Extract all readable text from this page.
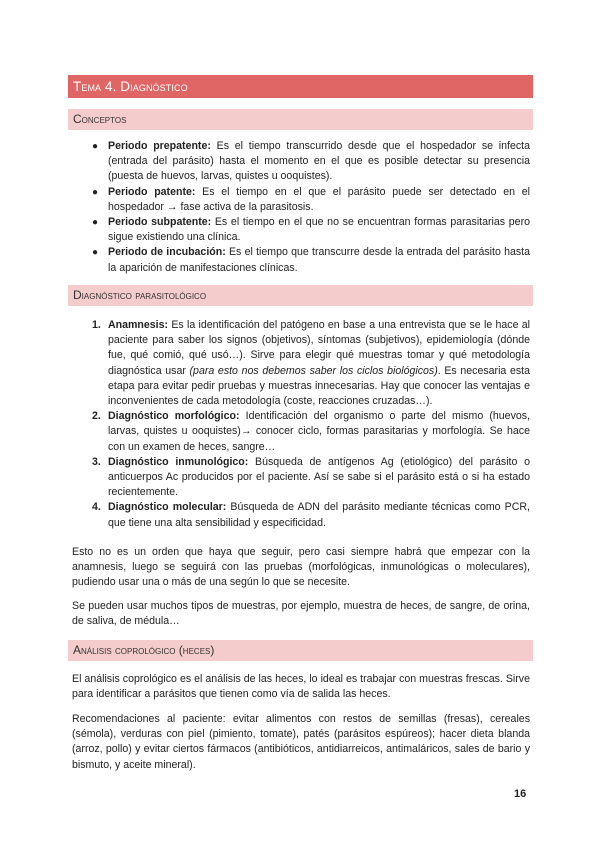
Tema 4. Diagnóstico
Conceptos
● Periodo prepatente: Es el tiempo transcurrido desde que el hospedador se infecta (entrada del parásito) hasta el momento en el que es posible detectar su presencia (puesta de huevos, larvas, quistes u ooquistes).
● Periodo patente: Es el tiempo en el que el parásito puede ser detectado en el hospedador → fase activa de la parasitosis.
● Periodo subpatente: Es el tiempo en el que no se encuentran formas parasitarias pero sigue existiendo una clínica.
● Periodo de incubación: Es el tiempo que transcurre desde la entrada del parásito hasta la aparición de manifestaciones clínicas.
Diagnóstico parasitológico
1. Anamnesis: Es la identificación del patógeno en base a una entrevista que se le hace al paciente para saber los signos (objetivos), síntomas (subjetivos), epidemiología (dónde fue, qué comió, qué usó…). Sirve para elegir qué muestras tomar y qué metodología diagnóstica usar (para esto nos debemos saber los ciclos biológicos). Es necesaria esta etapa para evitar pedir pruebas y muestras innecesarias. Hay que conocer las ventajas e inconvenientes de cada metodología (coste, reacciones cruzadas…).
2. Diagnóstico morfológico: Identificación del organismo o parte del mismo (huevos, larvas, quistes u ooquistes)→ conocer ciclo, formas parasitarias y morfología. Se hace con un examen de heces, sangre…
3. Diagnóstico inmunológico: Búsqueda de antígenos Ag (etiológico) del parásito o anticuerpos Ac producidos por el paciente. Así se sabe si el parásito está o si ha estado recientemente.
4. Diagnóstico molecular: Búsqueda de ADN del parásito mediante técnicas como PCR, que tiene una alta sensibilidad y especificidad.

Esto no es un orden que haya que seguir, pero casi siempre habrá que empezar con la anamnesis, luego se seguirá con las pruebas (morfológicas, inmunológicas o moleculares), pudiendo usar una o más de una según lo que se necesite.

Se pueden usar muchos tipos de muestras, por ejemplo, muestra de heces, de sangre, de orina, de saliva, de médula…

Análisis coprológico (heces)

El análisis coprológico es el análisis de las heces, lo ideal es trabajar con muestras frescas. Sirve para identificar a parásitos que tienen como vía de salida las heces.

Recomendaciones al paciente: evitar alimentos con restos de semillas (fresas), cereales (sémola), verduras con piel (pimiento, tomate), patés (parásitos espúreos); hacer dieta blanda (arroz, pollo) y evitar ciertos fármacos (antibióticos, antidiarreicos, antimaláricos, sales de bario y bismuto, y aceite mineral).

16
